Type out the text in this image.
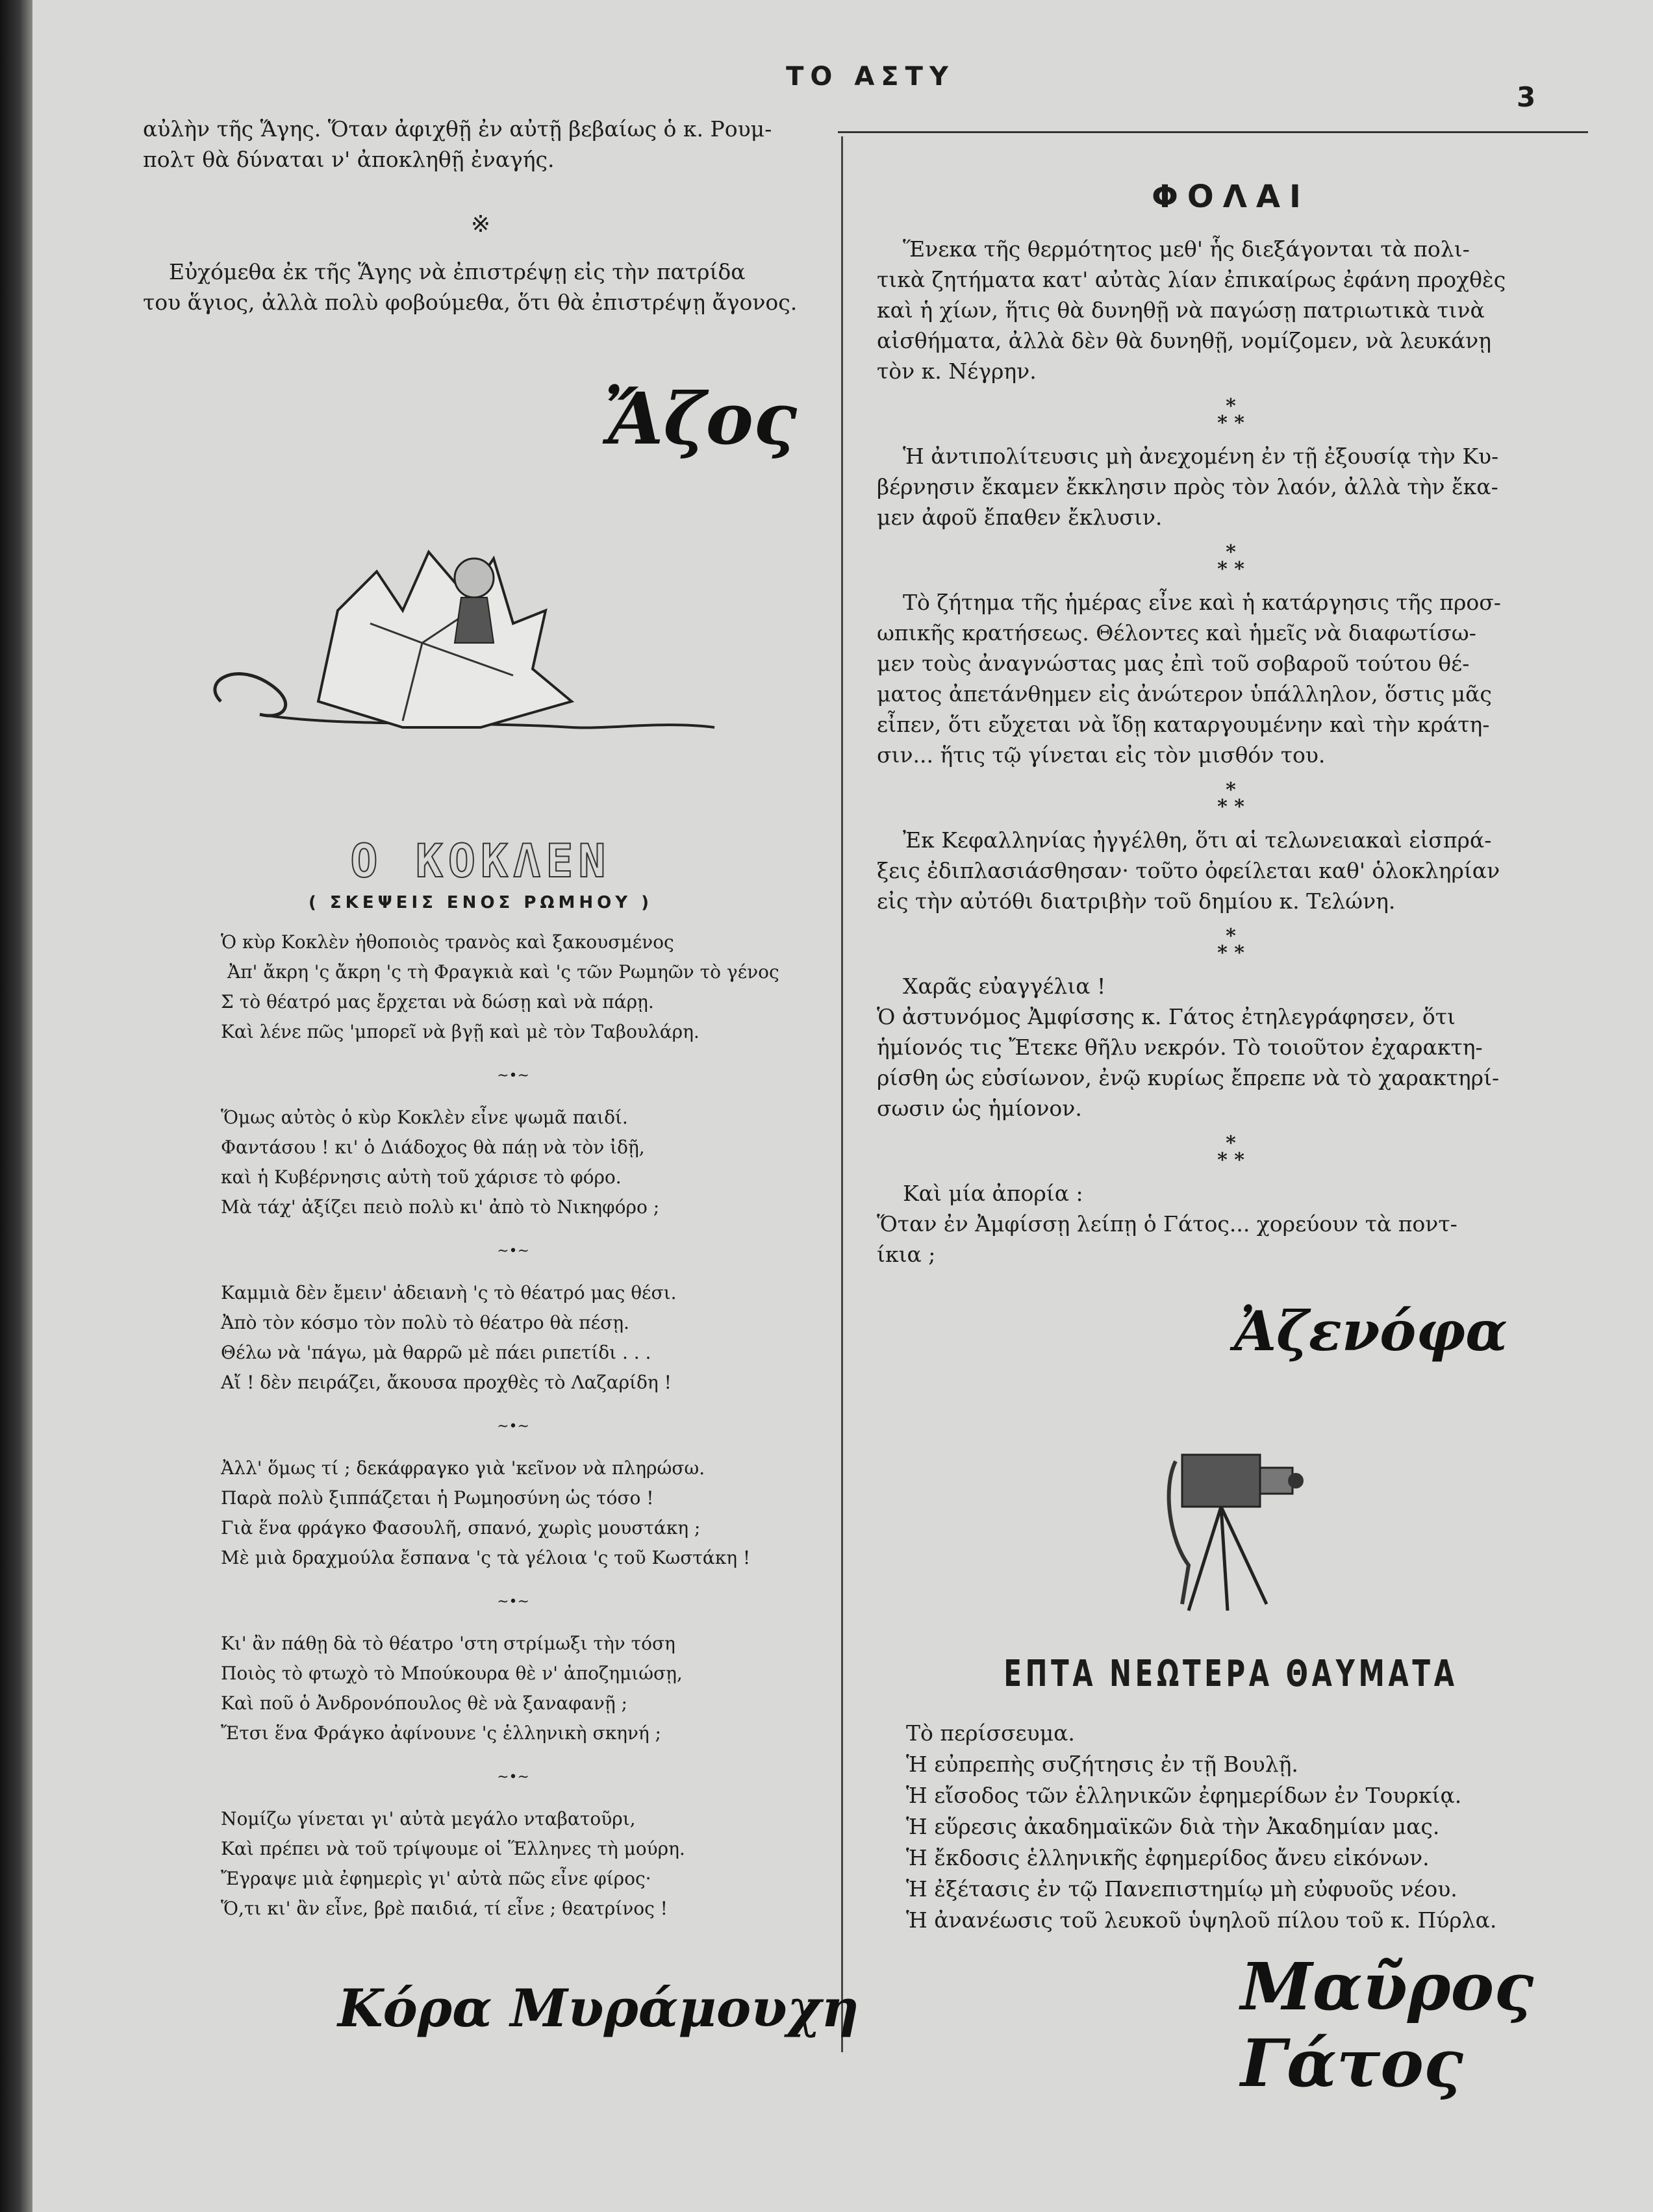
ΤΟ ΑΣΤΥ
3
αὐλὴν τῆς Ἅγης. Ὅταν ἀφιχθῇ ἐν αὐτῇ βεβαίως ὁ κ. Ρουμ-
πολτ θὰ δύναται ν' ἀποκληθῇ ἐναγής.
※
Εὐχόμεθα ἐκ τῆς Ἅγης νὰ ἐπιστρέψῃ εἰς τὴν πατρίδα
του ἅγιος, ἀλλὰ πολὺ φοβούμεθα, ὅτι θὰ ἐπιστρέψῃ ἄγονος.
Ἄζος
Ο ΚΟΚΛΕΝ
( ΣΚΕΨΕΙΣ ΕΝΟΣ ΡΩΜΗΟΥ )
Ὁ κὺρ Κοκλὲν ἠθοποιὸς τρανὸς καὶ ξακουσμένος
Ἀπ' ἄκρη 'ς ἄκρη 'ς τὴ Φραγκιὰ καὶ 'ς τῶν Ρωμηῶν τὸ γένος
Σ τὸ θέατρό μας ἔρχεται νὰ δώσῃ καὶ νὰ πάρῃ.
Καὶ λένε πῶς 'μπορεῖ νὰ βγῇ καὶ μὲ τὸν Ταβουλάρη.
~•~
Ὅμως αὐτὸς ὁ κὺρ Κοκλὲν εἶνε ψωμᾶ παιδί.
Φαντάσου ! κι' ὁ Διάδοχος θὰ πάῃ νὰ τὸν ἰδῇ,
καὶ ἡ Κυβέρνησις αὐτὴ τοῦ χάρισε τὸ φόρο.
Μὰ τάχ' ἀξίζει πειὸ πολὺ κι' ἀπὸ τὸ Νικηφόρο ;
~•~
Καμμιὰ δὲν ἔμειν' ἀδειανὴ 'ς τὸ θέατρό μας θέσι.
Ἀπὸ τὸν κόσμο τὸν πολὺ τὸ θέατρο θὰ πέσῃ.
Θέλω νὰ 'πάγω, μὰ θαρρῶ μὲ πάει ριπετίδι . . .
Αἴ ! δὲν πειράζει, ἄκουσα προχθὲς τὸ Λαζαρίδη !
~•~
Ἀλλ' ὅμως τί ; δεκάφραγκο γιὰ 'κεῖνον νὰ πληρώσω.
Παρὰ πολὺ ξιππάζεται ἡ Ρωμηοσύνη ὡς τόσο !
Γιὰ ἕνα φράγκο Φασουλῆ, σπανό, χωρὶς μουστάκη ;
Μὲ μιὰ δραχμούλα ἔσπανα 'ς τὰ γέλοια 'ς τοῦ Κωστάκη !
~•~
Κι' ἂν πάθῃ δὰ τὸ θέατρο 'στη στρίμωξι τὴν τόση
Ποιὸς τὸ φτωχὸ τὸ Μπούκουρα θὲ ν' ἀποζημιώσῃ,
Καὶ ποῦ ὁ Ἀνδρονόπουλος θὲ νὰ ξαναφανῇ ;
Ἔτσι ἕνα Φράγκο ἀφίνουνε 'ς ἑλληνικὴ σκηνή ;
~•~
Νομίζω γίνεται γι' αὐτὰ μεγάλο νταβατοῦρι,
Καὶ πρέπει νὰ τοῦ τρίψουμε οἱ Ἕλληνες τὴ μούρη.
Ἔγραψε μιὰ ἐφημερὶς γι' αὐτὰ πῶς εἶνε φίρος·
Ὅ,τι κι' ἂν εἶνε, βρὲ παιδιά, τί εἶνε ; θεατρίνος !
Κόρα Μυράμουχη
ΦΟΛΑΙ
Ἕνεκα τῆς θερμότητος μεθ' ἧς διεξάγονται τὰ πολι-
τικὰ ζητήματα κατ' αὐτὰς λίαν ἐπικαίρως ἐφάνη προχθὲς
καὶ ἡ χίων, ἥτις θὰ δυνηθῇ νὰ παγώσῃ πατριωτικὰ τινὰ
αἰσθήματα, ἀλλὰ δὲν θὰ δυνηθῇ, νομίζομεν, νὰ λευκάνῃ
τὸν κ. Νέγρην.
*
* *
Ἡ ἀντιπολίτευσις μὴ ἀνεχομένη ἐν τῇ ἐξουσίᾳ τὴν Κυ-
βέρνησιν ἔκαμεν ἔκκλησιν πρὸς τὸν λαόν, ἀλλὰ τὴν ἔκα-
μεν ἀφοῦ ἔπαθεν ἔκλυσιν.
*
* *
Τὸ ζήτημα τῆς ἡμέρας εἶνε καὶ ἡ κατάργησις τῆς προσ-
ωπικῆς κρατήσεως. Θέλοντες καὶ ἡμεῖς νὰ διαφωτίσω-
μεν τοὺς ἀναγνώστας μας ἐπὶ τοῦ σοβαροῦ τούτου θέ-
ματος ἀπετάνθημεν εἰς ἀνώτερον ὑπάλληλον, ὅστις μᾶς
εἶπεν, ὅτι εὔχεται νὰ ἴδῃ καταργουμένην καὶ τὴν κράτη-
σιν... ἥτις τῷ γίνεται εἰς τὸν μισθόν του.
*
* *
Ἐκ Κεφαλληνίας ἠγγέλθη, ὅτι αἱ τελωνειακαὶ εἰσπρά-
ξεις ἐδιπλασιάσθησαν· τοῦτο ὀφείλεται καθ' ὁλοκληρίαν
εἰς τὴν αὐτόθι διατριβὴν τοῦ δημίου κ. Τελώνη.
*
* *
Χαρᾶς εὐαγγέλια !
Ὁ ἀστυνόμος Ἀμφίσσης κ. Γάτος ἐτηλεγράφησεν, ὅτι
ἡμίονός τις Ἔτεκε θῆλυ νεκρόν. Τὸ τοιοῦτον ἐχαρακτη-
ρίσθη ὡς εὐσίωνον, ἐνῷ κυρίως ἔπρεπε νὰ τὸ χαρακτηρί-
σωσιν ὡς ἡμίονον.
*
* *
Καὶ μία ἀπορία :
Ὅταν ἐν Ἀμφίσσῃ λείπῃ ὁ Γάτος... χορεύουν τὰ ποντ-
ίκια ;
Ἀζενόφα
ΕΠΤΑ ΝΕΩΤΕΡΑ ΘΑΥΜΑΤΑ
Τὸ περίσσευμα.
Ἡ εὐπρεπὴς συζήτησις ἐν τῇ Βουλῇ.
Ἡ εἴσοδος τῶν ἑλληνικῶν ἐφημερίδων ἐν Τουρκίᾳ.
Ἡ εὕρεσις ἀκαδημαϊκῶν διὰ τὴν Ἀκαδημίαν μας.
Ἡ ἔκδοσις ἑλληνικῆς ἐφημερίδος ἄνευ εἰκόνων.
Ἡ ἐξέτασις ἐν τῷ Πανεπιστημίῳ μὴ εὐφυοῦς νέου.
Ἡ ἀνανέωσις τοῦ λευκοῦ ὑψηλοῦ πίλου τοῦ κ. Πύρλα.
Μαῦρος Γάτος
